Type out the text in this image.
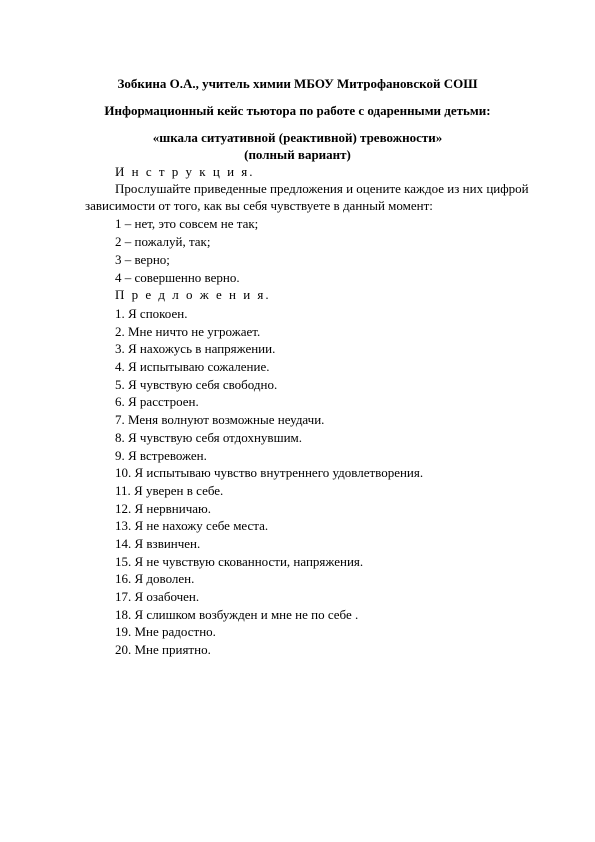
Зобкина О.А., учитель химии МБОУ Митрофановской СОШ
Информационный кейс тьютора по работе с одаренными детьми:
«шкала ситуативной (реактивной) тревожности»
(полный вариант)
И н с т р у к ц и я.
Прослушайте приведенные предложения и оцените каждое из них цифрой
зависимости от того, как вы себя чувствуете в данный момент:
1 – нет, это совсем не так;
2 – пожалуй, так;
3 – верно;
4 – совершенно верно.
П р е д л о ж е н и я.
1. Я спокоен.
2. Мне ничто не угрожает.
3. Я нахожусь в напряжении.
4. Я испытываю сожаление.
5. Я чувствую себя свободно.
6. Я расстроен.
7. Меня волнуют возможные неудачи.
8. Я чувствую себя отдохнувшим.
9. Я встревожен.
10. Я испытываю чувство внутреннего удовлетворения.
11. Я уверен в себе.
12. Я нервничаю.
13. Я не нахожу себе места.
14. Я взвинчен.
15. Я не чувствую скованности, напряжения.
16. Я доволен.
17. Я озабочен.
18. Я слишком возбужден и мне не по себе .
19. Мне радостно.
20. Мне приятно.
